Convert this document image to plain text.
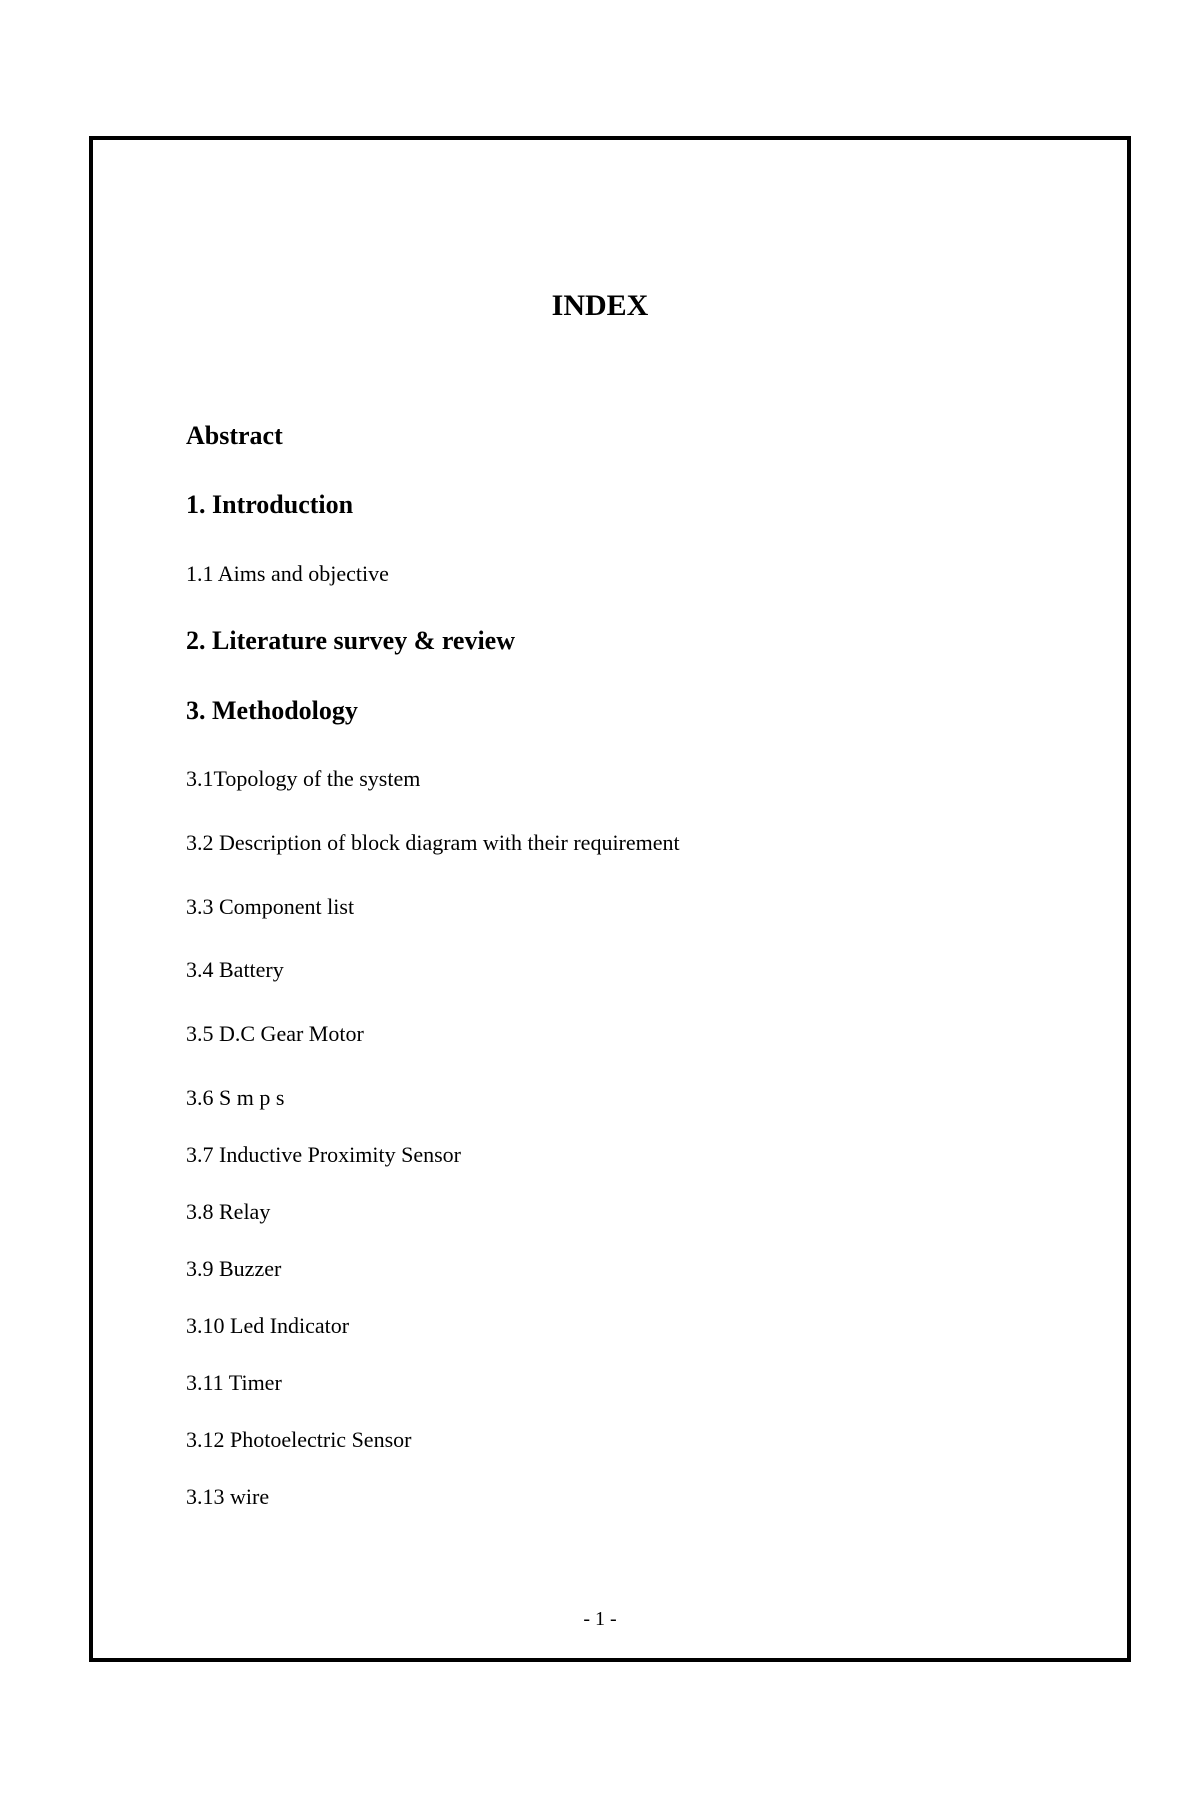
INDEX
Abstract
1. Introduction
1.1 Aims and objective
2. Literature survey & review
3. Methodology
3.1Topology of the system
3.2 Description of block diagram with their requirement
3.3 Component list
3.4 Battery
3.5 D.C Gear Motor
3.6 S m p s
3.7 Inductive Proximity Sensor
3.8 Relay
3.9 Buzzer
3.10 Led Indicator
3.11 Timer
3.12 Photoelectric Sensor
3.13 wire
- 1 -
